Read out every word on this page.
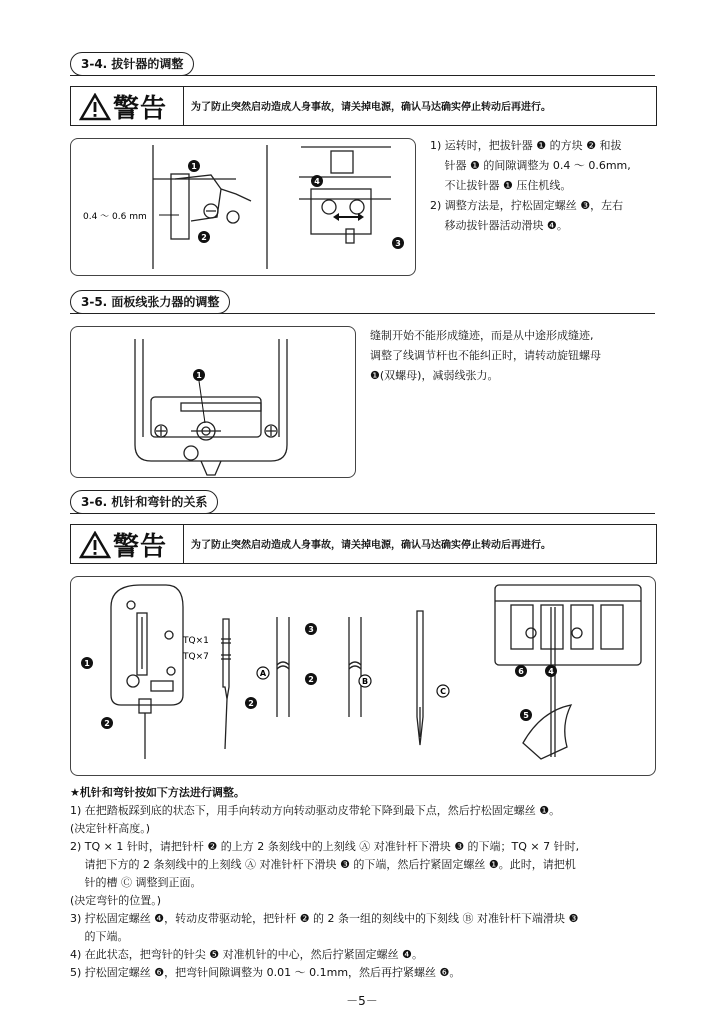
3-4. 拔针器的调整
警告 为了防止突然启动造成人身事故，请关掉电源，确认马达确实停止转动后再进行。
1
2
3
4
0.4 ～ 0.6 mm
1) 运转时，把拔针器 ❶ 的方块 ❷ 和拔
　 针器 ❶ 的间隙调整为 0.4 ～ 0.6mm,
　 不让拔针器 ❶ 压住机线。
2) 调整方法是，拧松固定螺丝 ❸，左右
　 移动拔针器活动滑块 ❹。
3-5. 面板线张力器的调整
1
缝制开始不能形成缝迹，而是从中途形成缝迹,
调整了线调节杆也不能纠正时，请转动旋钮螺母
❶(双螺母)，减弱线张力。
3-6. 机针和弯针的关系
警告 为了防止突然启动造成人身事故，请关掉电源，确认马达确实停止转动后再进行。
A
B
C
1
2
2
3
2
4
5
6
TQ×1
TQ×7
★机针和弯针按如下方法进行调整。
1) 在把踏板踩到底的状态下，用手向转动方向转动驱动皮带轮下降到最下点，然后拧松固定螺丝 ❶。
(决定针杆高度。)
2) TQ × 1 针时，请把针杆 ❷ 的上方 2 条刻线中的上刻线 Ⓐ 对准针杆下滑块 ❸ 的下端；TQ × 7 针时,
　 请把下方的 2 条刻线中的上刻线 Ⓐ 对准针杆下滑块 ❸ 的下端，然后拧紧固定螺丝 ❶。此时，请把机
　 针的槽 Ⓒ 调整到正面。
(决定弯针的位置。)
3) 拧松固定螺丝 ❹，转动皮带驱动轮，把针杆 ❷ 的 2 条一组的刻线中的下刻线 Ⓑ 对准针杆下端滑块 ❸
　 的下端。
4) 在此状态，把弯针的针尖 ❺ 对准机针的中心，然后拧紧固定螺丝 ❹。
5) 拧松固定螺丝 ❻，把弯针间隙调整为 0.01 ～ 0.1mm，然后再拧紧螺丝 ❻。
－5－
